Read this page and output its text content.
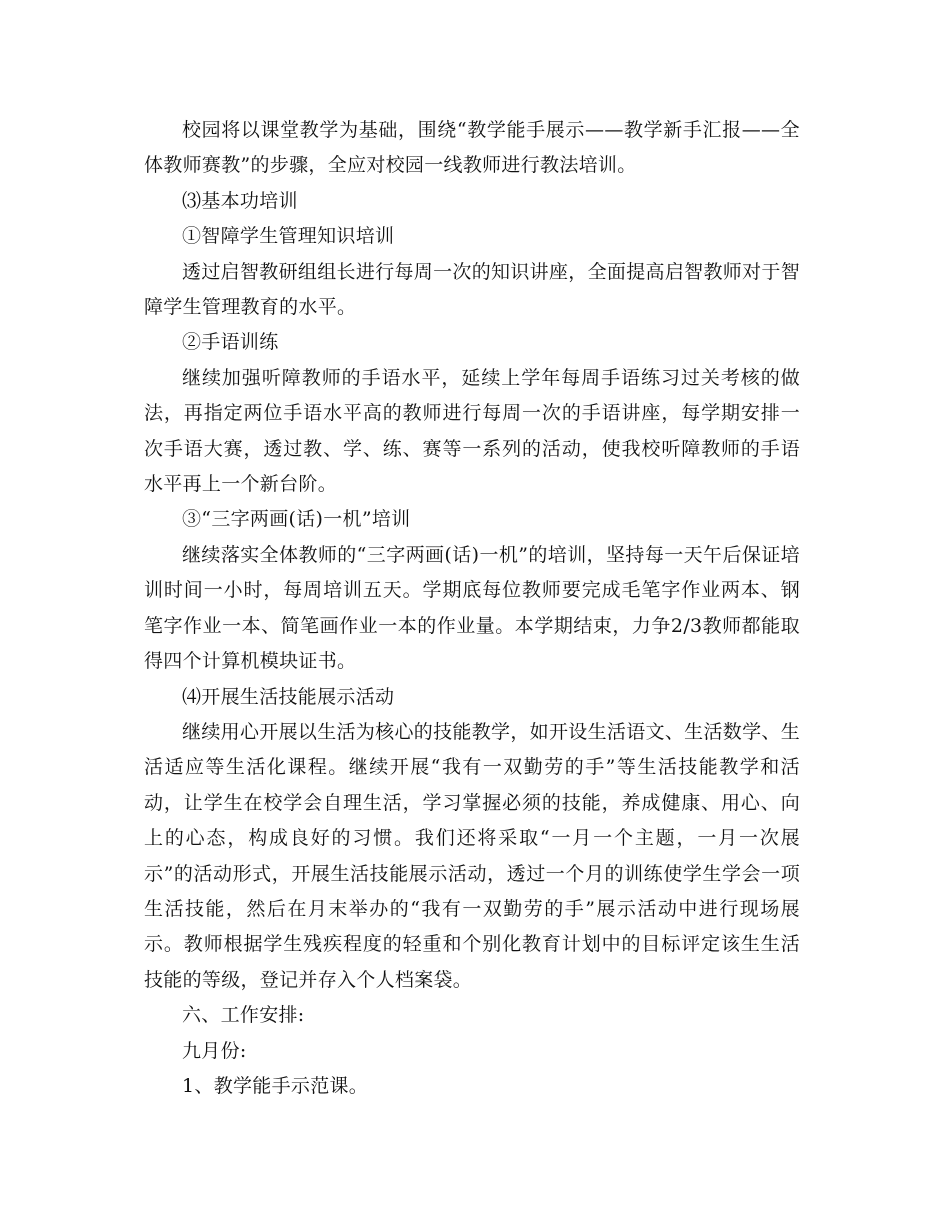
校园将以课堂教学为基础，围绕“教学能手展示——教学新手汇报——全体教师赛教”的步骤，全应对校园一线教师进行教法培训。

⑶基本功培训

①智障学生管理知识培训

透过启智教研组组长进行每周一次的知识讲座，全面提高启智教师对于智障学生管理教育的水平。

②手语训练

继续加强听障教师的手语水平，延续上学年每周手语练习过关考核的做法，再指定两位手语水平高的教师进行每周一次的手语讲座，每学期安排一次手语大赛，透过教、学、练、赛等一系列的活动，使我校听障教师的手语水平再上一个新台阶。

③“三字两画(话)一机”培训

继续落实全体教师的“三字两画(话)一机”的培训，坚持每一天午后保证培训时间一小时，每周培训五天。学期底每位教师要完成毛笔字作业两本、钢笔字作业一本、简笔画作业一本的作业量。本学期结束，力争2/3教师都能取得四个计算机模块证书。

⑷开展生活技能展示活动

继续用心开展以生活为核心的技能教学，如开设生活语文、生活数学、生活适应等生活化课程。继续开展“我有一双勤劳的手”等生活技能教学和活动，让学生在校学会自理生活，学习掌握必须的技能，养成健康、用心、向上的心态，构成良好的习惯。我们还将采取“一月一个主题，一月一次展示”的活动形式，开展生活技能展示活动，透过一个月的训练使学生学会一项生活技能，然后在月末举办的“我有一双勤劳的手”展示活动中进行现场展示。教师根据学生残疾程度的轻重和个别化教育计划中的目标评定该生生活技能的等级，登记并存入个人档案袋。

六、工作安排:

九月份:

1、教学能手示范课。
